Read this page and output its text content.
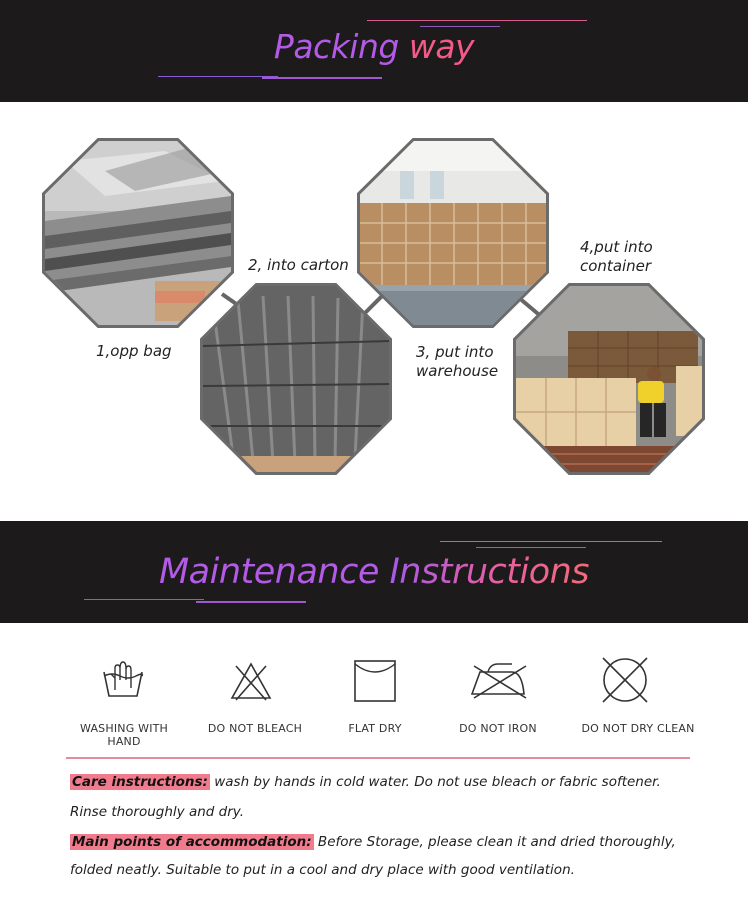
Packing way
1,opp bag
2, into carton
3, put into
warehouse
4,put into
container
Maintenance Instructions
WASHING WITH HAND
DO NOT BLEACH	FLAT DRY	DO NOT IRON	DO NOT DRY CLEAN
Care instructions: wash by hands in cold water. Do not use bleach or fabric softener.
Rinse thoroughly and dry.
Main points of accommodation: Before Storage, please clean it and dried thoroughly,
folded neatly. Suitable to put in a cool and dry place with good ventilation.
